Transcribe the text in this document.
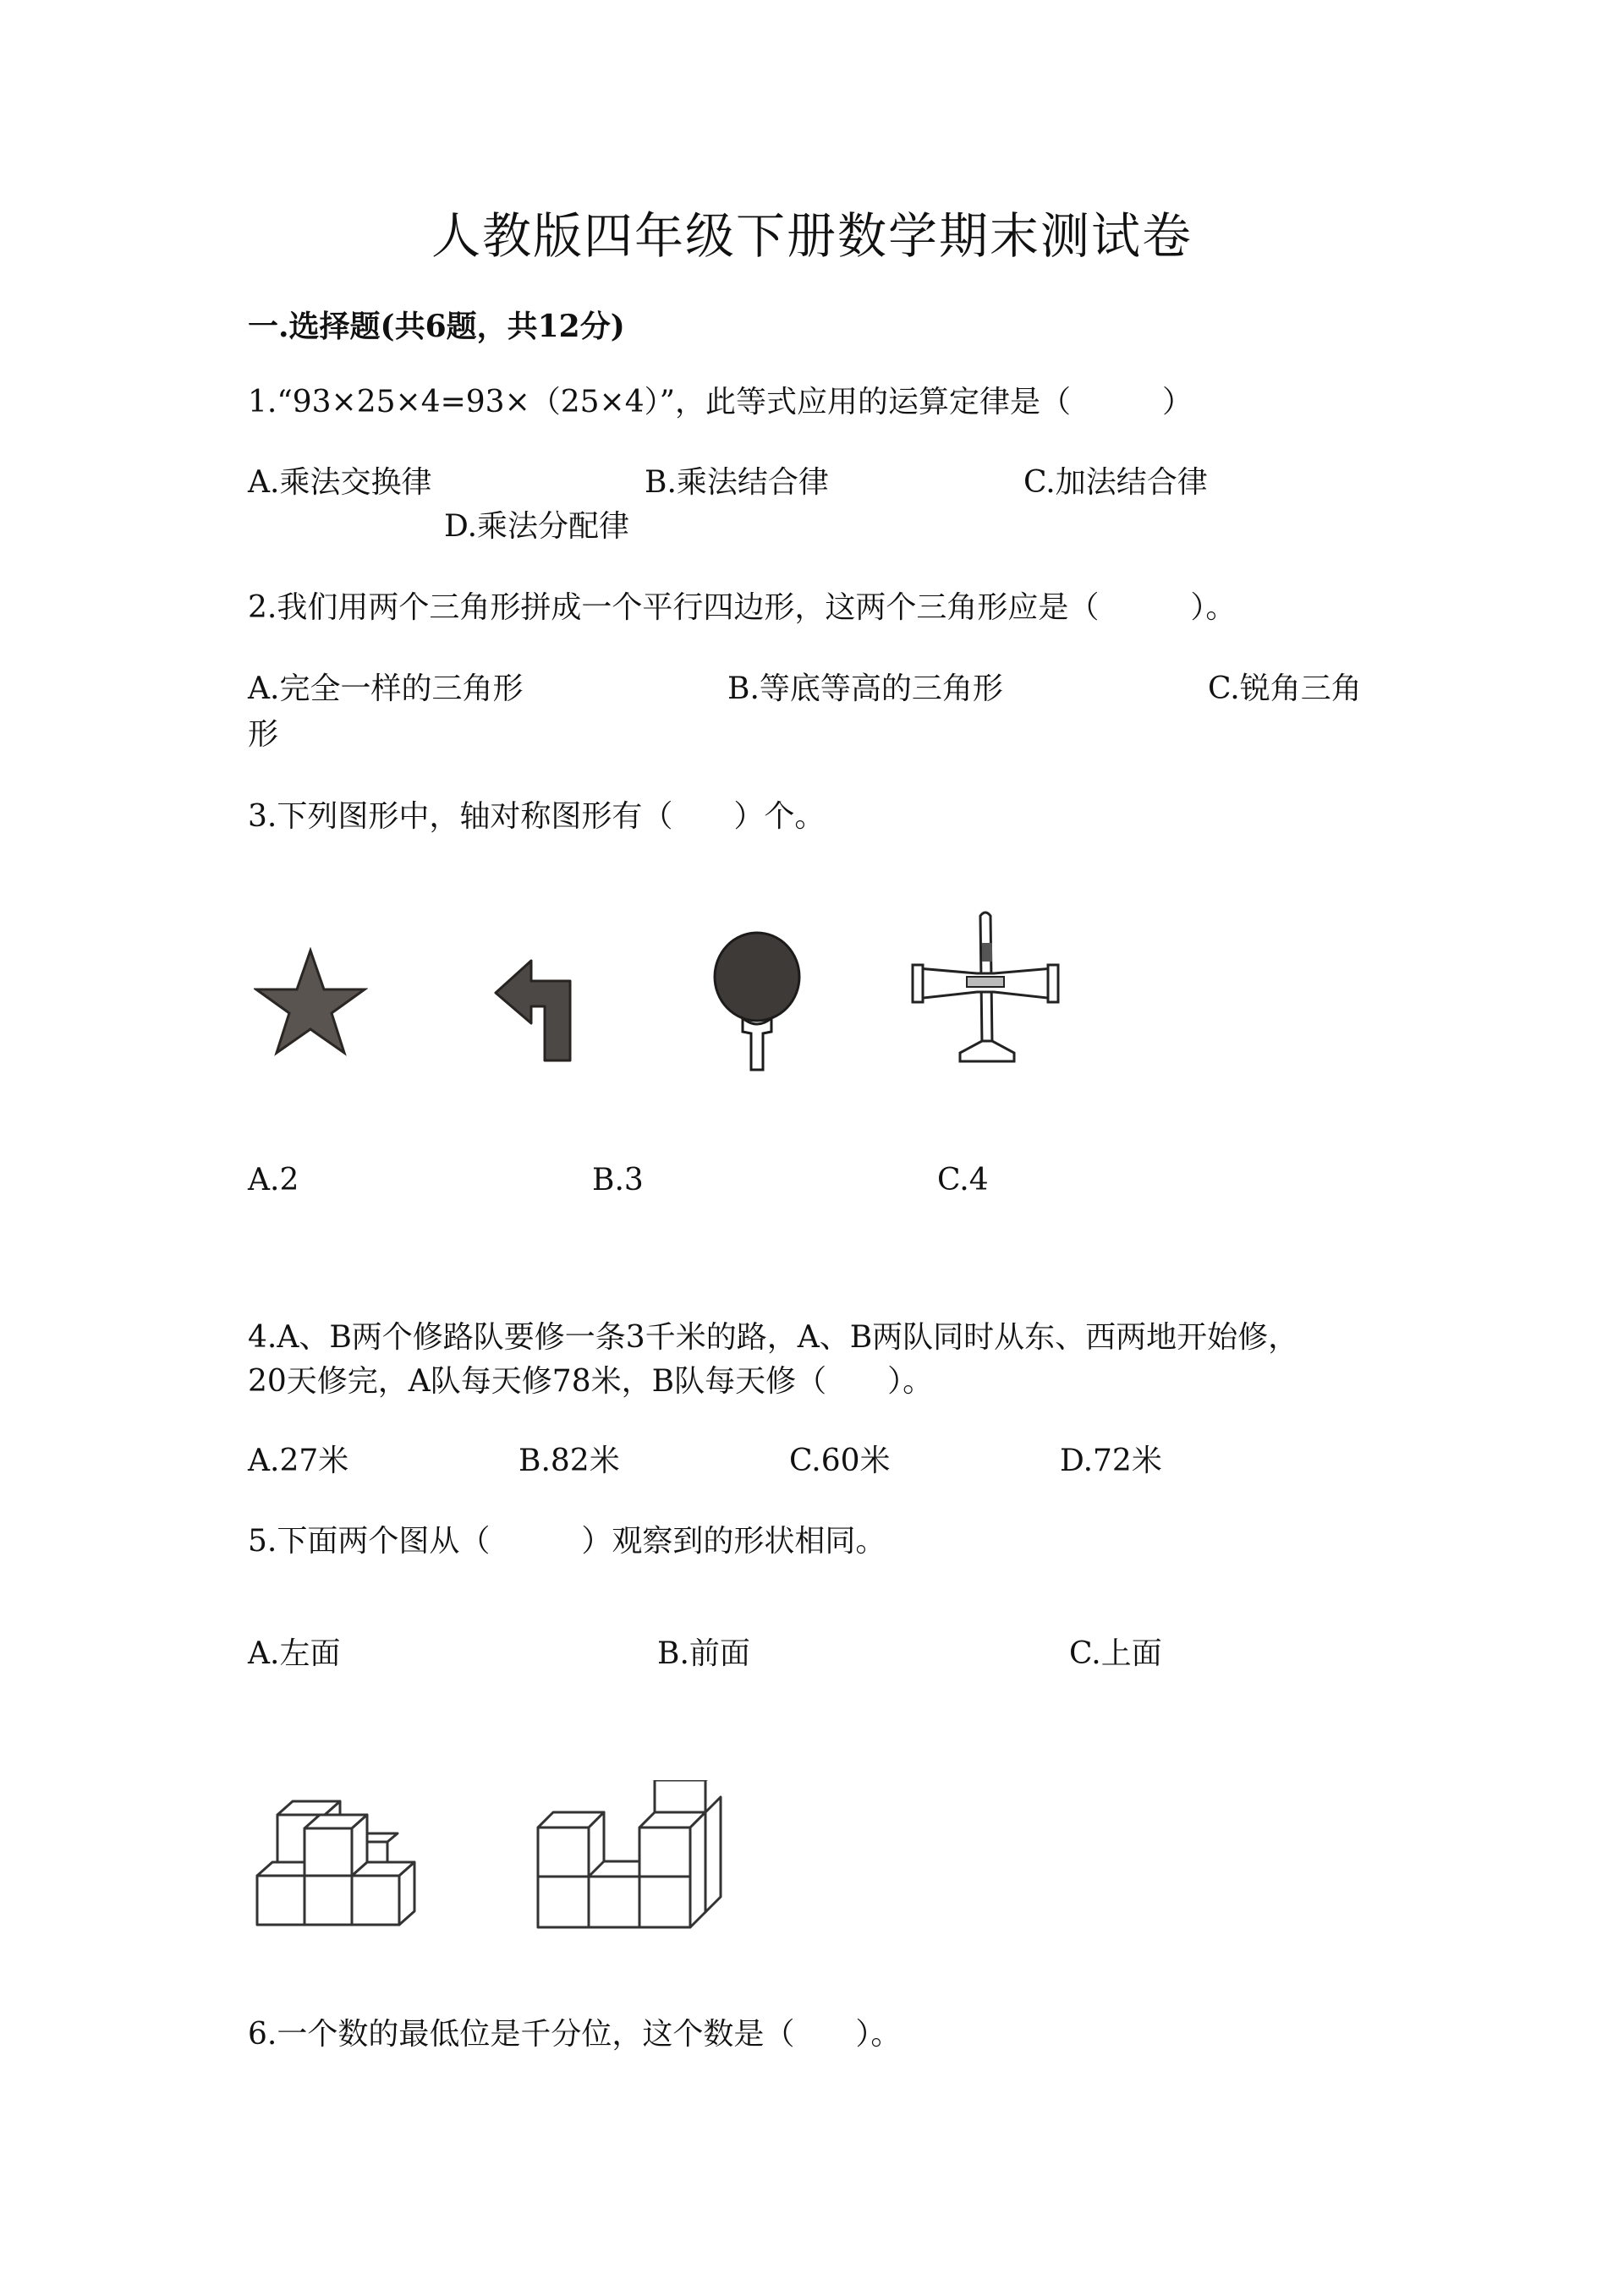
人教版四年级下册数学期末测试卷
一.选择题(共6题，共12分)
1.“93×25×4=93×（25×4）”，此等式应用的运算定律是（　　　）
A.乘法交换律	B.乘法结合律	C.加法结合律
D.乘法分配律
2.我们用两个三角形拼成一个平行四边形，这两个三角形应是（　　　）。
A.完全一样的三角形	B.等底等高的三角形	C.锐角三角
形
3.下列图形中，轴对称图形有（　　）个。
A.2	B.3	C.4
4.A、B两个修路队要修一条3千米的路，A、B两队同时从东、西两地开始修，
20天修完，A队每天修78米，B队每天修（　　）。
A.27米	B.82米	C.60米	D.72米
5.下面两个图从（　　　）观察到的形状相同。
A.左面	B.前面	C.上面
6.一个数的最低位是千分位，这个数是（　　）。
